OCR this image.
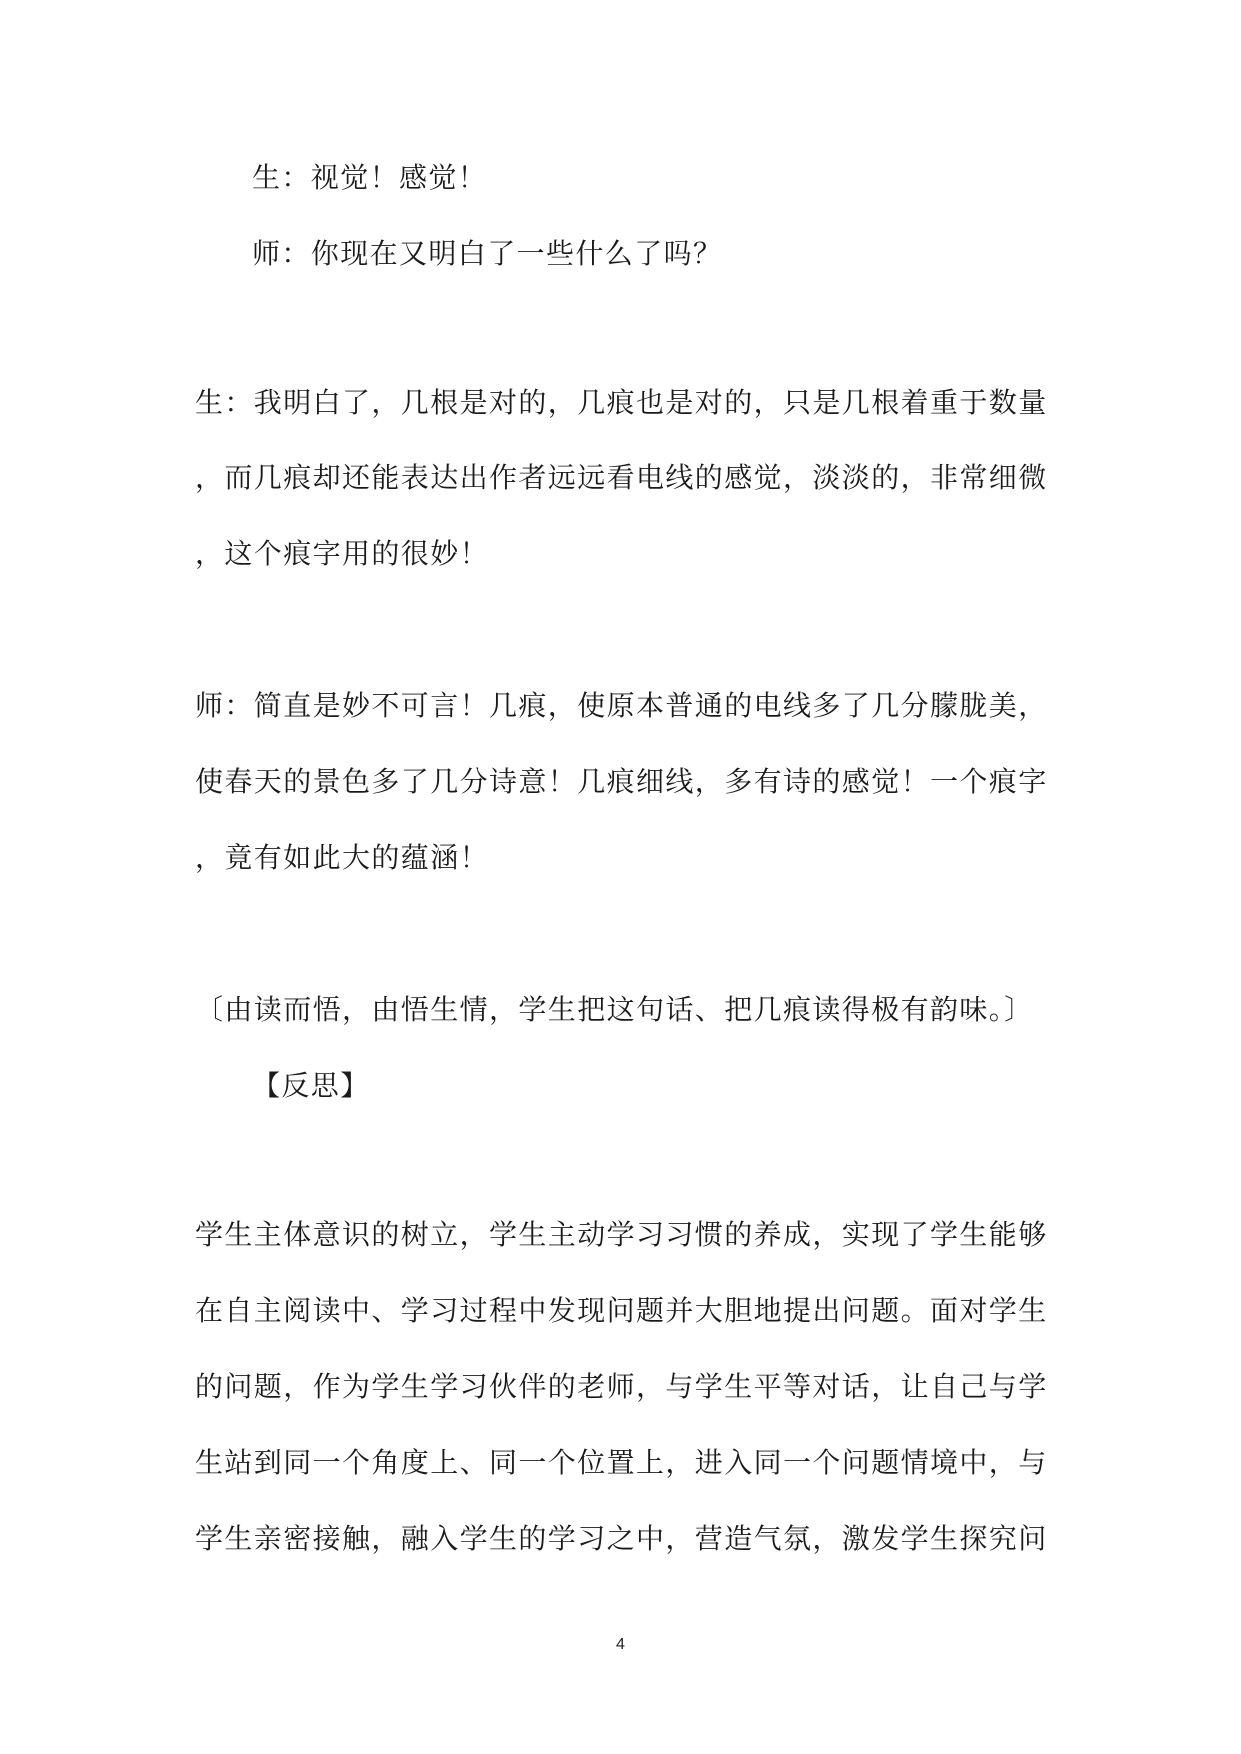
生：视觉！感觉！
师：你现在又明白了一些什么了吗？
生：我明白了，几根是对的，几痕也是对的，只是几根着重于数量
，而几痕却还能表达出作者远远看电线的感觉，淡淡的，非常细微
，这个痕字用的很妙！
师：简直是妙不可言！几痕，使原本普通的电线多了几分朦胧美，
使春天的景色多了几分诗意！几痕细线，多有诗的感觉！一个痕字
，竟有如此大的蕴涵！
〔由读而悟，由悟生情，学生把这句话、把几痕读得极有韵味。〕
【反思】
学生主体意识的树立，学生主动学习习惯的养成，实现了学生能够
在自主阅读中、学习过程中发现问题并大胆地提出问题。面对学生
的问题，作为学生学习伙伴的老师，与学生平等对话，让自己与学
生站到同一个角度上、同一个位置上，进入同一个问题情境中，与
学生亲密接触，融入学生的学习之中，营造气氛，激发学生探究问
4
